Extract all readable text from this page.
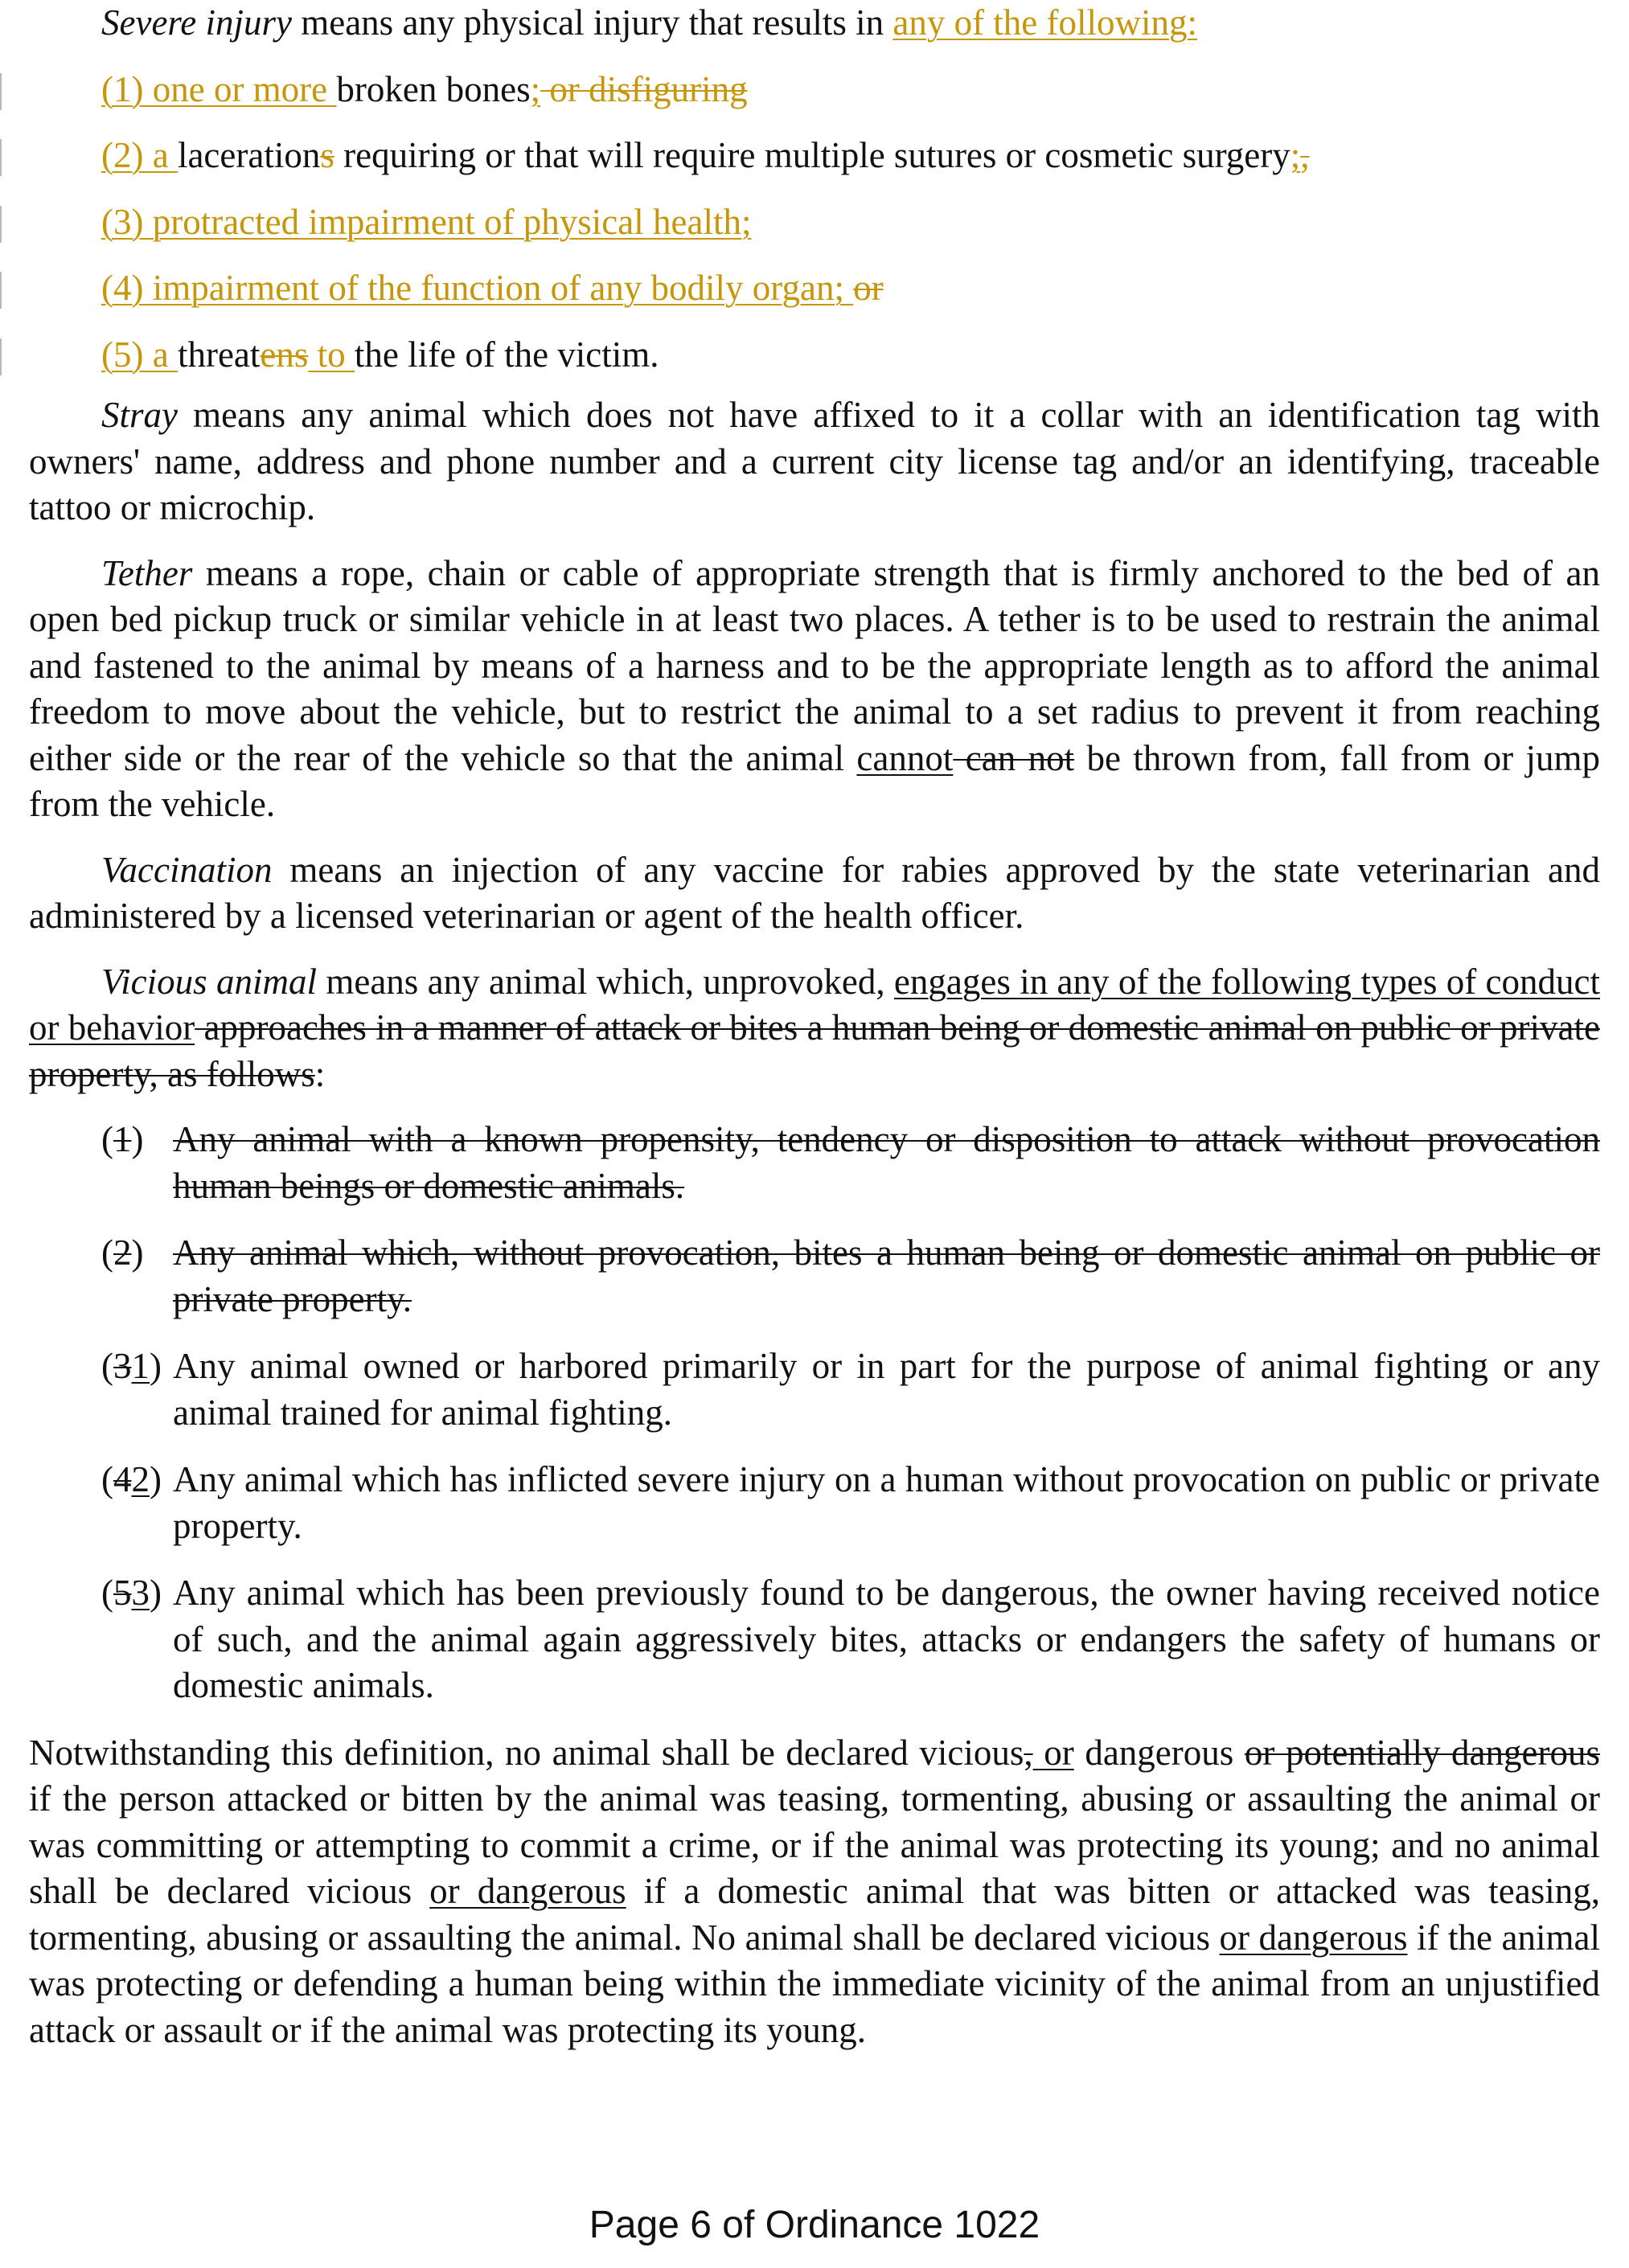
Severe injury means any physical injury that results in any of the following:

(1) one or more broken bones; or disfiguring
(2) a lacerations requiring or that will require multiple sutures or cosmetic surgery;,
(3) protracted impairment of physical health;
(4) impairment of the function of any bodily organ; or
(5) a threatens to the life of the victim.

Stray means any animal which does not have affixed to it a collar with an identification tag with owners' name, address and phone number and a current city license tag and/or an identifying, traceable tattoo or microchip.

Tether means a rope, chain or cable of appropriate strength that is firmly anchored to the bed of an open bed pickup truck or similar vehicle in at least two places. A tether is to be used to restrain the animal and fastened to the animal by means of a harness and to be the appropriate length as to afford the animal freedom to move about the vehicle, but to restrict the animal to a set radius to prevent it from reaching either side or the rear of the vehicle so that the animal cannot can not be thrown from, fall from or jump from the vehicle.

Vaccination means an injection of any vaccine for rabies approved by the state veterinarian and administered by a licensed veterinarian or agent of the health officer.

Vicious animal means any animal which, unprovoked, engages in any of the following types of conduct or behavior approaches in a manner of attack or bites a human being or domestic animal on public or private property, as follows:

(1) Any animal with a known propensity, tendency or disposition to attack without provocation human beings or domestic animals.
(2) Any animal which, without provocation, bites a human being or domestic animal on public or private property.
(31) Any animal owned or harbored primarily or in part for the purpose of animal fighting or any animal trained for animal fighting.
(42) Any animal which has inflicted severe injury on a human without provocation on public or private property.
(53) Any animal which has been previously found to be dangerous, the owner having received notice of such, and the animal again aggressively bites, attacks or endangers the safety of humans or domestic animals.

Notwithstanding this definition, no animal shall be declared vicious, or dangerous or potentially dangerous if the person attacked or bitten by the animal was teasing, tormenting, abusing or assaulting the animal or was committing or attempting to commit a crime, or if the animal was protecting its young; and no animal shall be declared vicious or dangerous if a domestic animal that was bitten or attacked was teasing, tormenting, abusing or assaulting the animal. No animal shall be declared vicious or dangerous if the animal was protecting or defending a human being within the immediate vicinity of the animal from an unjustified attack or assault or if the animal was protecting its young.

Page 6 of Ordinance 1022
